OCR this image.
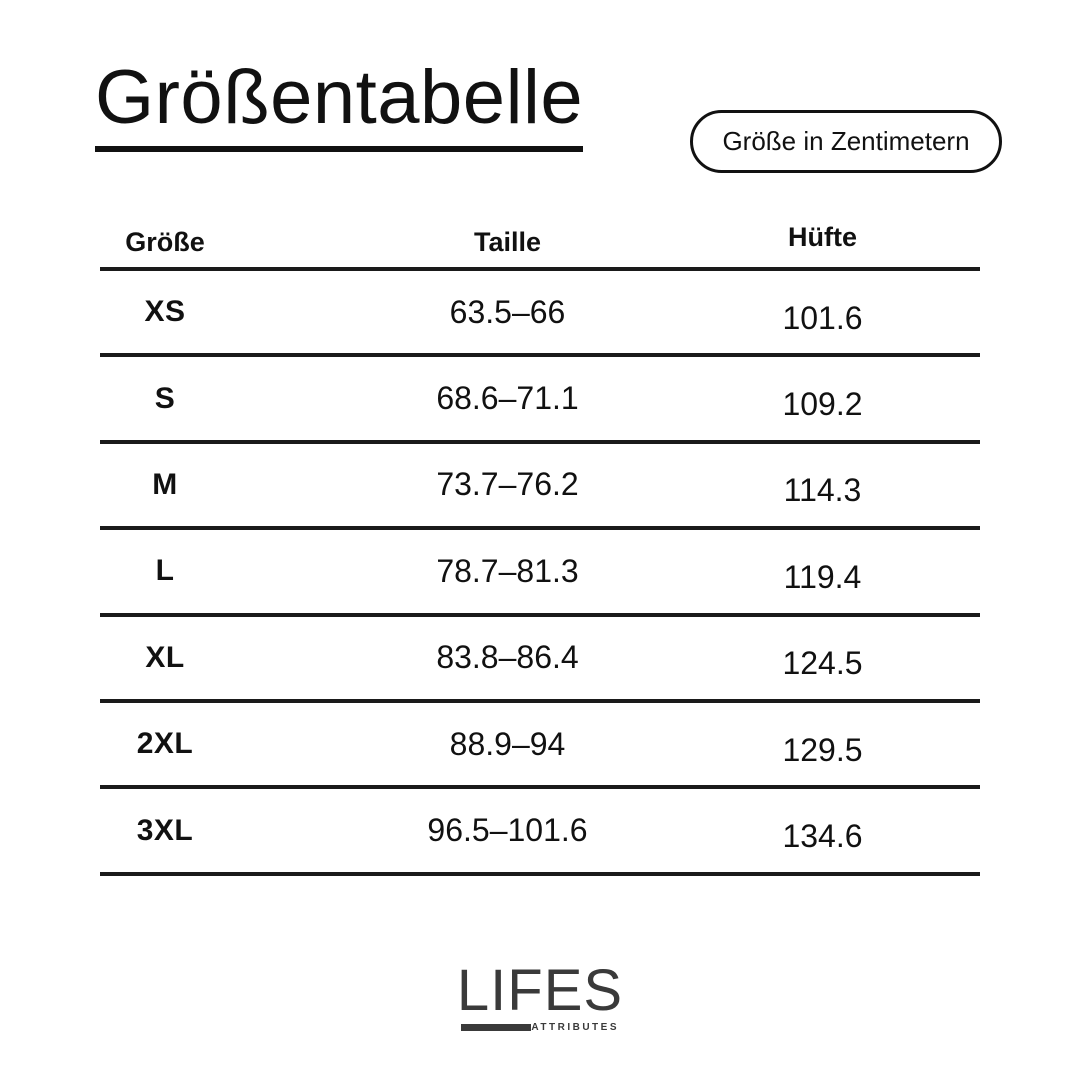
Größentabelle
Größe in Zentimetern
Größe	Taille	Hüfte
XS	63.5–66	101.6
S	68.6–71.1	109.2
M	73.7–76.2	114.3
L	78.7–81.3	119.4
XL	83.8–86.4	124.5
2XL	88.9–94	129.5
3XL	96.5–101.6	134.6
LIFES
ATTRIBUTES
